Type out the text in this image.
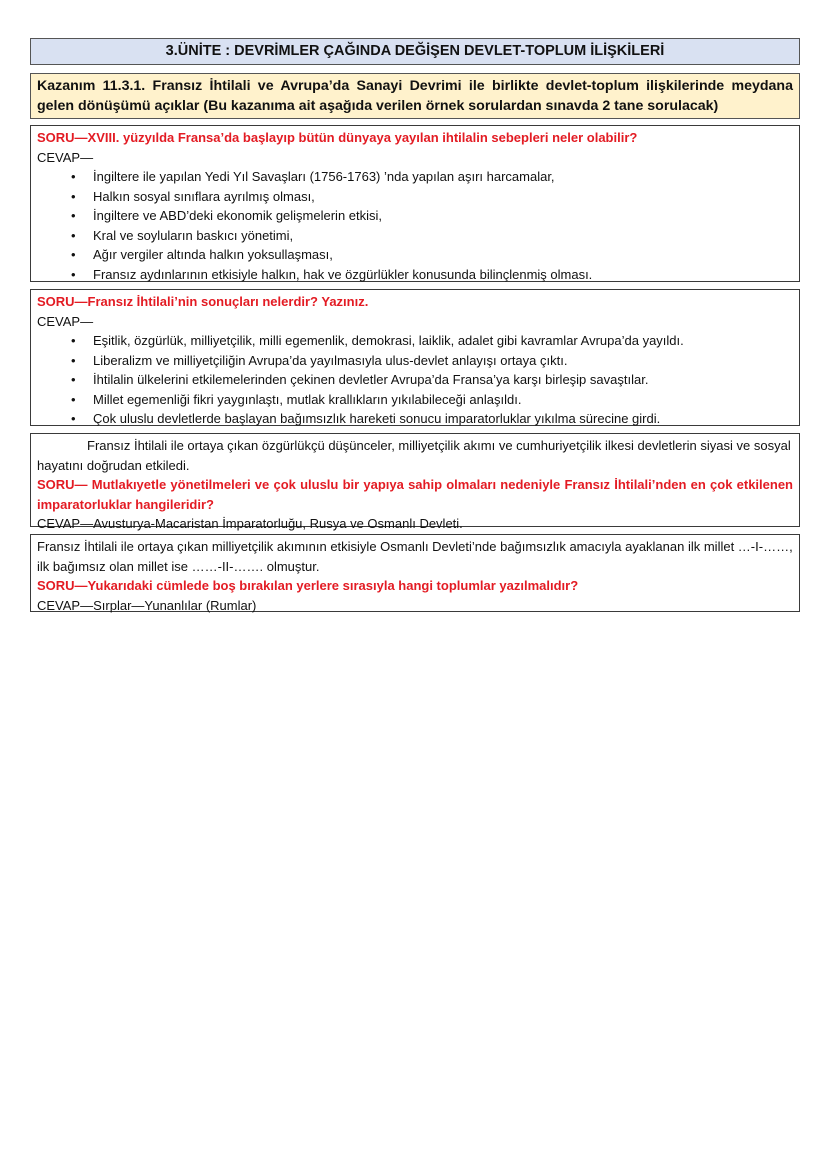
3.ÜNİTE : DEVRİMLER ÇAĞINDA DEĞİŞEN DEVLET-TOPLUM İLİŞKİLERİ
Kazanım 11.3.1. Fransız İhtilali ve Avrupa’da Sanayi Devrimi ile birlikte devlet-toplum ilişkilerinde meydana gelen dönüşümü açıklar (Bu kazanıma ait aşağıda verilen örnek sorulardan sınavda 2 tane sorulacak)
SORU—XVIII. yüzyılda Fransa’da başlayıp bütün dünyaya yayılan ihtilalin sebepleri neler olabilir?
CEVAP—
• İngiltere ile yapılan Yedi Yıl Savaşları (1756-1763) ’nda yapılan aşırı harcamalar,
• Halkın sosyal sınıflara ayrılmış olması,
• İngiltere ve ABD’deki ekonomik gelişmelerin etkisi,
• Kral ve soyluların baskıcı yönetimi,
• Ağır vergiler altında halkın yoksullaşması,
• Fransız aydınlarının etkisiyle halkın, hak ve özgürlükler konusunda bilinçlenmiş olması.
SORU—Fransız İhtilali’nin sonuçları nelerdir? Yazınız.
CEVAP—
• Eşitlik, özgürlük, milliyetçilik, milli egemenlik, demokrasi, laiklik, adalet gibi kavramlar Avrupa’da yayıldı.
• Liberalizm ve milliyetçiliğin Avrupa’da yayılmasıyla ulus-devlet anlayışı ortaya çıktı.
• İhtilalin ülkelerini etkilemelerinden çekinen devletler Avrupa’da Fransa’ya karşı birleşip savaştılar.
• Millet egemenliği fikri yaygınlaştı, mutlak krallıkların yıkılabileceği anlaşıldı.
• Çok uluslu devletlerde başlayan bağımsızlık hareketi sonucu imparatorluklar yıkılma sürecine girdi.
Fransız İhtilali ile ortaya çıkan özgürlükçü düşünceler, milliyetçilik akımı ve cumhuriyetçilik ilkesi devletlerin siyasi ve sosyal hayatını doğrudan etkiledi.
SORU— Mutlakıyetle yönetilmeleri ve çok uluslu bir yapıya sahip olmaları nedeniyle Fransız İhtilali’nden en çok etkilenen imparatorluklar hangileridir?
CEVAP—Avusturya-Macaristan İmparatorluğu, Rusya ve Osmanlı Devleti.
Fransız İhtilali ile ortaya çıkan milliyetçilik akımının etkisiyle Osmanlı Devleti’nde bağımsızlık amacıyla ayaklanan ilk millet …-I-……, ilk bağımsız olan millet ise ……-II-……. olmuştur.
SORU—Yukarıdaki cümlede boş bırakılan yerlere sırasıyla hangi toplumlar yazılmalıdır?
CEVAP—Sırplar—Yunanlılar (Rumlar)
